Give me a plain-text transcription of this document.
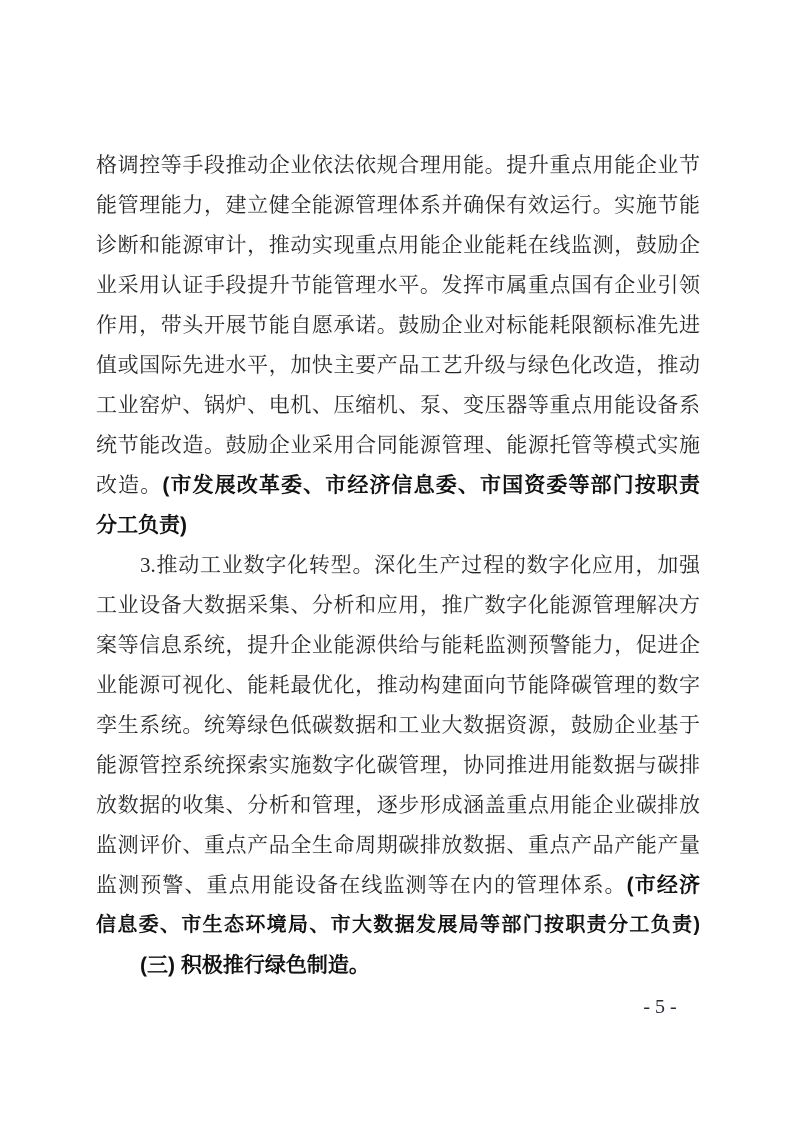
格调控等手段推动企业依法依规合理用能。提升重点用能企业节
能管理能力，建立健全能源管理体系并确保有效运行。实施节能
诊断和能源审计，推动实现重点用能企业能耗在线监测，鼓励企
业采用认证手段提升节能管理水平。发挥市属重点国有企业引领
作用，带头开展节能自愿承诺。鼓励企业对标能耗限额标准先进
值或国际先进水平，加快主要产品工艺升级与绿色化改造，推动
工业窑炉、锅炉、电机、压缩机、泵、变压器等重点用能设备系
统节能改造。鼓励企业采用合同能源管理、能源托管等模式实施
改造。(市发展改革委、市经济信息委、市国资委等部门按职责
分工负责)
3.推动工业数字化转型。深化生产过程的数字化应用，加强
工业设备大数据采集、分析和应用，推广数字化能源管理解决方
案等信息系统，提升企业能源供给与能耗监测预警能力，促进企
业能源可视化、能耗最优化，推动构建面向节能降碳管理的数字
孪生系统。统筹绿色低碳数据和工业大数据资源，鼓励企业基于
能源管控系统探索实施数字化碳管理，协同推进用能数据与碳排
放数据的收集、分析和管理，逐步形成涵盖重点用能企业碳排放
监测评价、重点产品全生命周期碳排放数据、重点产品产能产量
监测预警、重点用能设备在线监测等在内的管理体系。(市经济
信息委、市生态环境局、市大数据发展局等部门按职责分工负责)
(三) 积极推行绿色制造。
- 5 -
